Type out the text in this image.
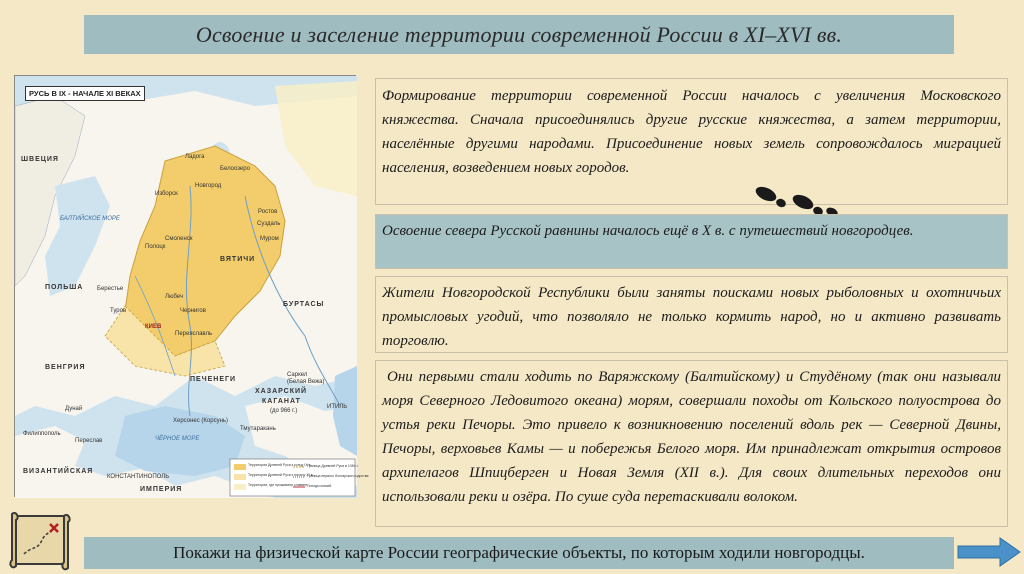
Освоение и заселение территории современной России в XI–XVI вв.
РУСЬ В IX - НАЧАЛЕ XI ВЕКАХ
Ладога
Белоозеро
Новгород
Изборск
Полоцк
Ростов
Суздаль
Муром
Смоленск
Туров
Любеч
Чернигов
КИЕВ
Переяславль
Берестье
ВЯТИЧИ
БУРТАСЫ
ПЕЧЕНЕГИ
ХАЗАРСКИЙ
КАГАНАТ
(до 966 г.)
Саркел
(Белая Вежа)
ИТИЛЬ
Тмутаракань
Херсонес (Корсунь)
ВЕНГРИЯ
ПОЛЬША
ШВЕЦИЯ
ЧЁРНОЕ МОРЕ
БАЛТИЙСКОЕ МОРЕ
ВИЗАНТИЙСКАЯ
ИМПЕРИЯ
КОНСТАНТИНОПОЛЬ
Дунай
Переслав
Филиппополь
Территория Древней Руси к концу IX в.
Территория Древней Руси к началу XI в.
Территории, где проживали славяне
Граница Древней Руси в 1054 г.
Граница первого болгарского царства
Походы князей

Формирование территории современной России началось с увеличения Московского княжества. Сначала присоединялись другие русские княжества, а затем территории, населённые другими народами. Присоединение новых земель сопровождалось миграцией населения, возведением новых городов.

Освоение севера Русской равнины началось ещё в X в. с путешествий новгородцев.

Жители Новгородской Республики были заняты поисками новых рыболовных и охотничьих промысловых угодий, что позволяло не только кормить народ, но и активно развивать торговлю.

Они первыми стали ходить по Варяжскому (Балтийскому) и Студёному (так они называли моря Северного Ледовитого океана) морям, совершали походы от Кольского полуострова до устья реки Печоры. Это привело к возникновению поселений вдоль рек — Северной Двины, Печоры, верховьев Камы — и побережья Белого моря. Им принадлежат открытия островов архипелагов Шпицберген и Новая Земля (XII в.). Для своих длительных переходов они использовали реки и озёра. По суше суда перетаскивали волоком.

Покажи на физической карте России географические объекты, по которым ходили новгородцы.
